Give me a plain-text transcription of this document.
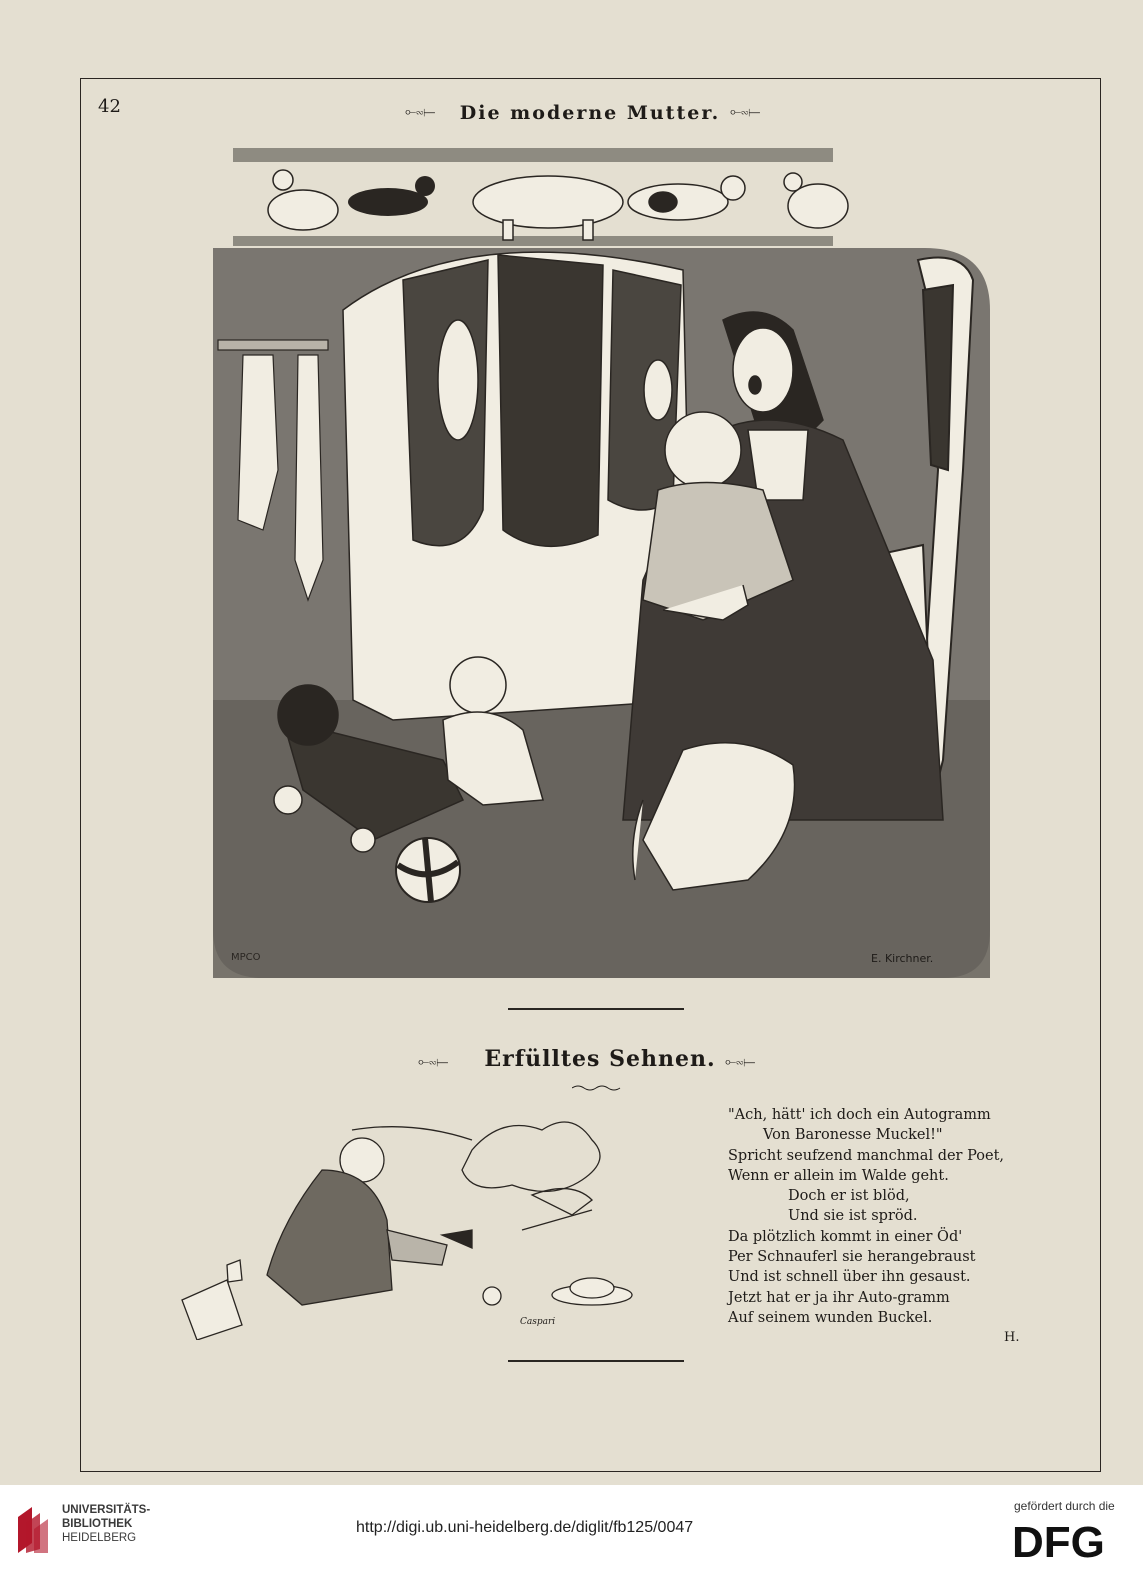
42	⟜∾⟝	Die moderne Mutter. ⟜∾⟝
MPCO	E. Kirchner.
⟜∾⟝	Erfülltes Sehnen. ⟜∾⟝
Caspari
"Ach, hätt' ich doch ein Autogramm
Von Baronesse Muckel!"
Spricht seufzend manchmal der Poet,
Wenn er allein im Walde geht.
Doch er ist blöd,
Und sie ist spröd.
Da plötzlich kommt in einer Öd'
Per Schnauferl sie herangebraust
Und ist schnell über ihn gesaust.
Jetzt hat er ja ihr Auto-gramm
Auf seinem wunden Buckel.
H.
UNIVERSITÄTS-
BIBLIOTHEK
HEIDELBERG
http://digi.ub.uni-heidelberg.de/diglit/fb125/0047
gefördert durch die
DFG
